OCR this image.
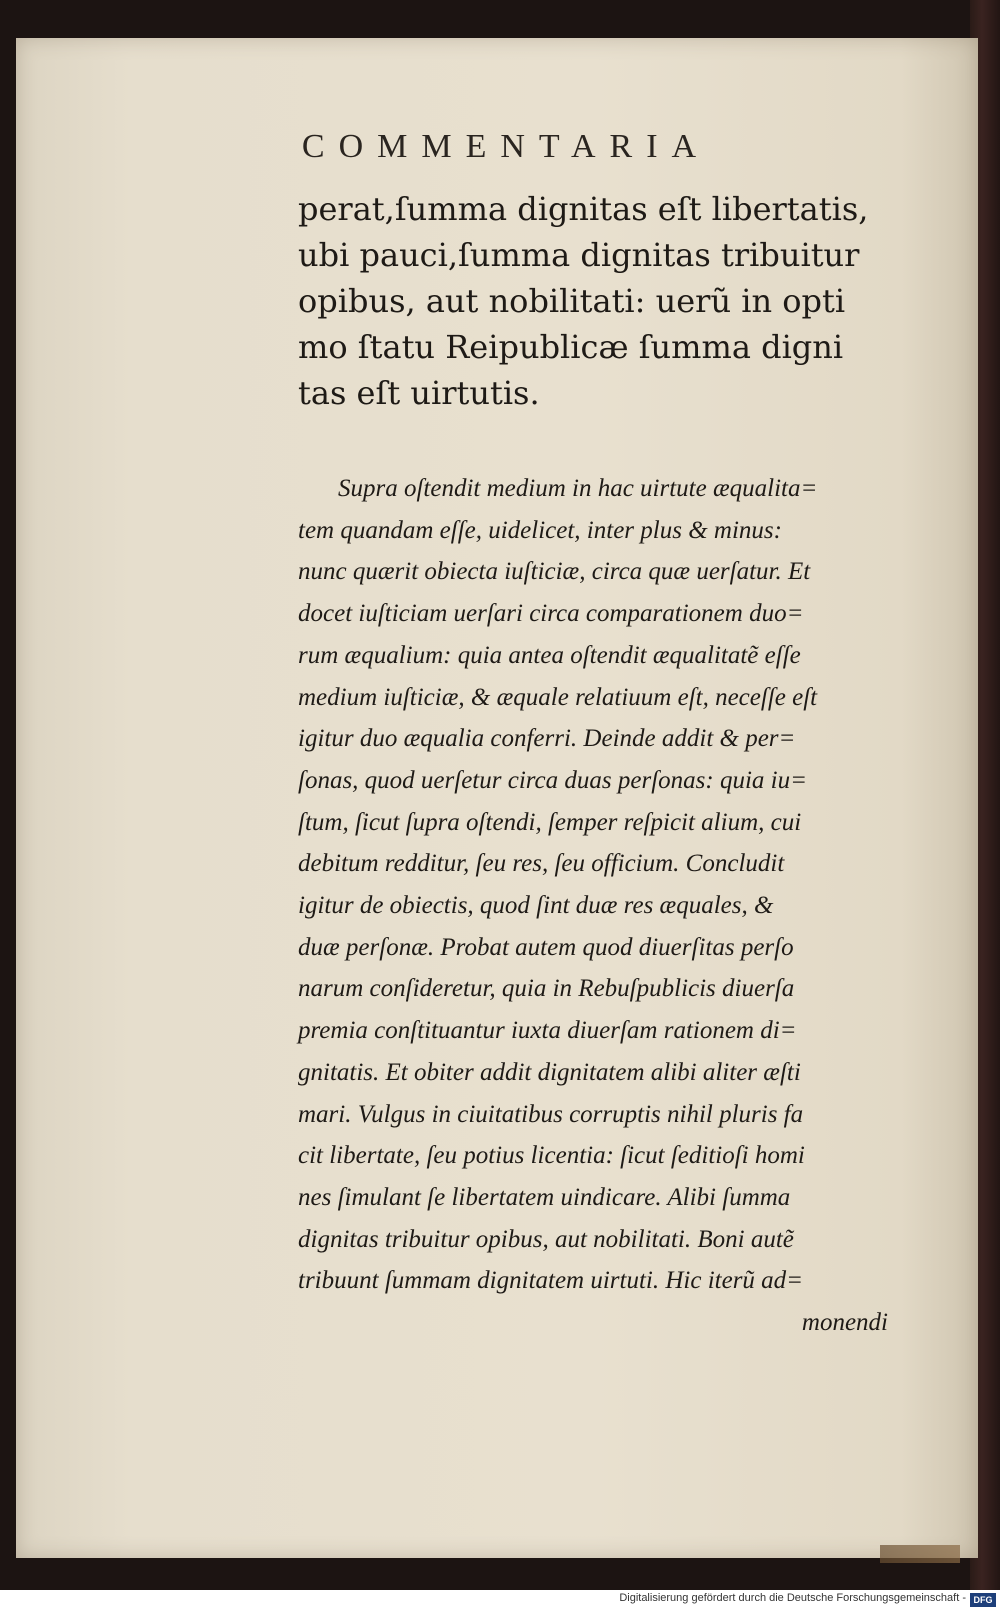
COMMENTARIA
perat,ſumma dignitas eſt libertatis,
ubi pauci,ſumma dignitas tribuitur
opibus, aut nobilitati: uerũ in opti
mo ſtatu Reipublicæ ſumma digni
tas eſt uirtutis.
Supra oſtendit medium in hac uirtute æqualita=
tem quandam eſſe, uidelicet, inter plus & minus:
nunc quærit obiecta iuſticiæ, circa quæ uerſatur. Et
docet iuſticiam uerſari circa comparationem duo=
rum æqualium: quia antea oſtendit æqualitatẽ eſſe
medium iuſticiæ, & æquale relatiuum eſt, neceſſe eſt
igitur duo æqualia conferri. Deinde addit & per=
ſonas, quod uerſetur circa duas perſonas: quia iu=
ſtum, ſicut ſupra oſtendi, ſemper reſpicit alium, cui
debitum redditur, ſeu res, ſeu officium. Concludit
igitur de obiectis, quod ſint duæ res æquales, &
duæ perſonæ. Probat autem quod diuerſitas perſo
narum conſideretur, quia in Rebuſpublicis diuerſa
premia conſtituantur iuxta diuerſam rationem di=
gnitatis. Et obiter addit dignitatem alibi aliter æſti
mari. Vulgus in ciuitatibus corruptis nihil pluris fa
cit libertate, ſeu potius licentia: ſicut ſeditioſi homi
nes ſimulant ſe libertatem uindicare. Alibi ſumma
dignitas tribuitur opibus, aut nobilitati. Boni autẽ
tribuunt ſummam dignitatem uirtuti. Hic iterũ ad=
monendi
Digitalisierung gefördert durch die Deutsche Forschungsgemeinschaft - DFG
